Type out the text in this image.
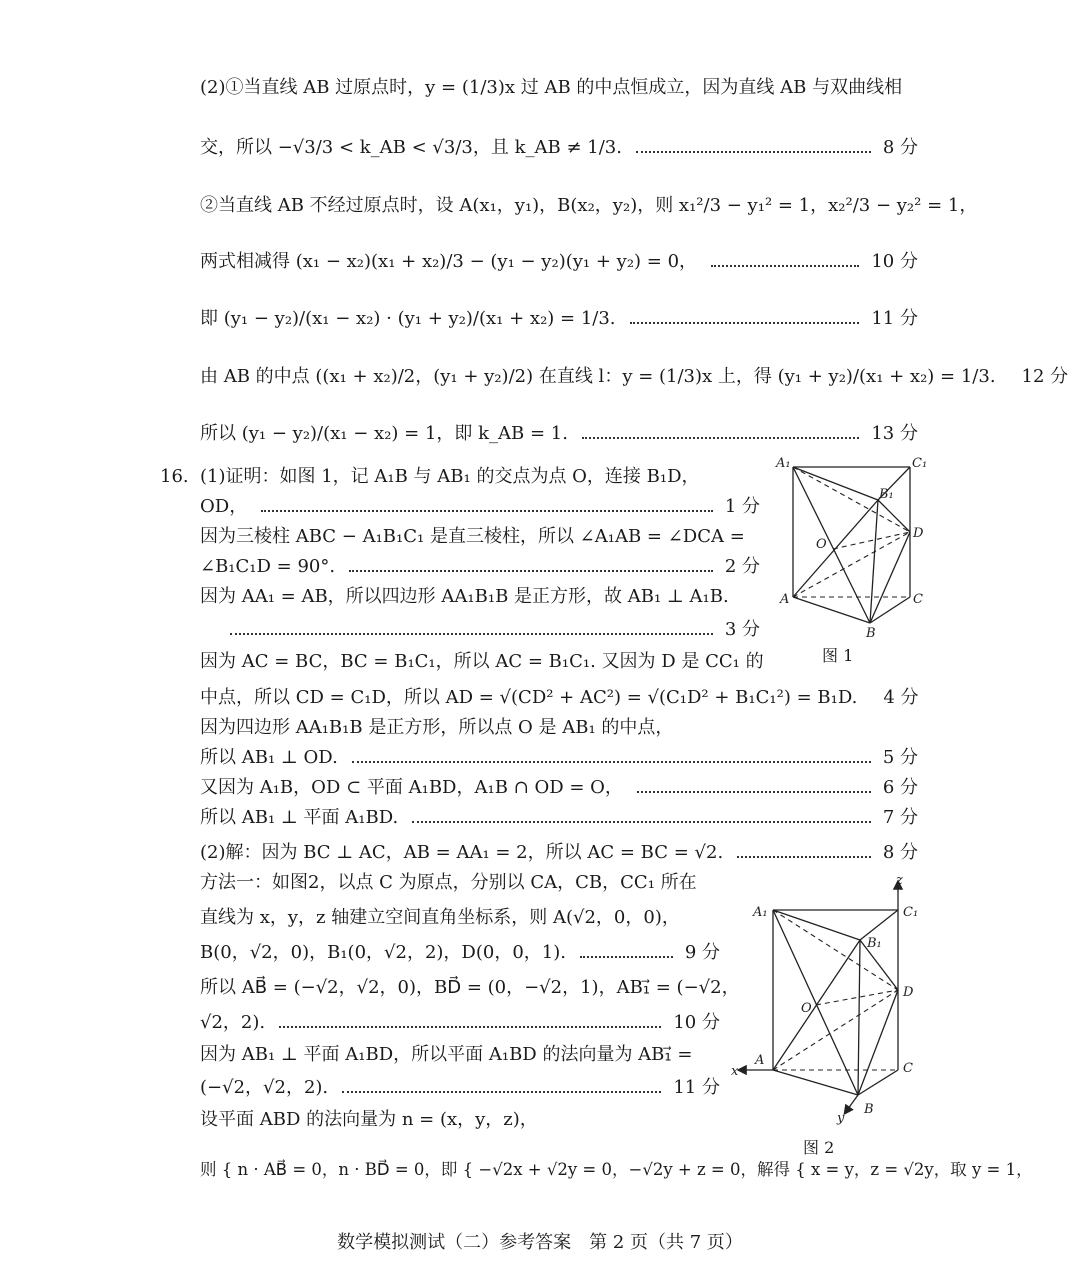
(2)①当直线 AB 过原点时，y = (1/3)x 过 AB 的中点恒成立，因为直线 AB 与双曲线相
交，所以 −√3/3 < k_AB < √3/3，且 k_AB ≠ 1/3.	8 分
②当直线 AB 不经过原点时，设 A(x₁，y₁)，B(x₂，y₂)，则 x₁²/3 − y₁² = 1，x₂²/3 − y₂² = 1，
两式相减得 (x₁ − x₂)(x₁ + x₂)/3 − (y₁ − y₂)(y₁ + y₂) = 0，	10 分
即 (y₁ − y₂)/(x₁ − x₂) · (y₁ + y₂)/(x₁ + x₂) = 1/3.	11 分
由 AB 的中点 ((x₁ + x₂)/2，(y₁ + y₂)/2) 在直线 l：y = (1/3)x 上，得 (y₁ + y₂)/(x₁ + x₂) = 1/3. 12 分
所以 (y₁ − y₂)/(x₁ − x₂) = 1，即 k_AB = 1.	13 分
16. (1)证明：如图 1，记 A₁B 与 AB₁ 的交点为点 O，连接 B₁D，
OD，	1 分
因为三棱柱 ABC − A₁B₁C₁ 是直三棱柱，所以 ∠A₁AB = ∠DCA =
∠B₁C₁D = 90°.	2 分
因为 AA₁ = AB，所以四边形 AA₁B₁B 是正方形，故 AB₁ ⊥ A₁B.
3 分
因为 AC = BC，BC = B₁C₁，所以 AC = B₁C₁. 又因为 D 是 CC₁ 的
中点，所以 CD = C₁D，所以 AD = √(CD² + AC²) = √(C₁D² + B₁C₁²) = B₁D. 4 分
因为四边形 AA₁B₁B 是正方形，所以点 O 是 AB₁ 的中点，
所以 AB₁ ⊥ OD.	5 分
又因为 A₁B，OD ⊂ 平面 A₁BD，A₁B ∩ OD = O，	6 分
所以 AB₁ ⊥ 平面 A₁BD.	7 分
(2)解：因为 BC ⊥ AC，AB = AA₁ = 2，所以 AC = BC = √2.	8 分
方法一：如图2，以点 C 为原点，分别以 CA，CB，CC₁ 所在
直线为 x，y，z 轴建立空间直角坐标系，则 A(√2，0，0)，
B(0，√2，0)，B₁(0，√2，2)，D(0，0，1).	9 分
所以 AB⃗ = (−√2，√2，0)，BD⃗ = (0，−√2，1)，AB₁⃗ = (−√2，
√2，2).	10 分
因为 AB₁ ⊥ 平面 A₁BD，所以平面 A₁BD 的法向量为 AB₁⃗ =
(−√2，√2，2).	11 分
设平面 ABD 的法向量为 n = (x，y，z)，
则 { n · AB⃗ = 0，n · BD⃗ = 0，即 { −√2x + √2y = 0，−√2y + z = 0，解得 { x = y，z = √2y，取 y = 1，
A₁	C₁
B₁
D
O
A	C
B
图 1
z
A₁	C₁
B₁
O
D
x
A
C
y
B
图 2
数学模拟测试（二）参考答案　第 2 页（共 7 页）
